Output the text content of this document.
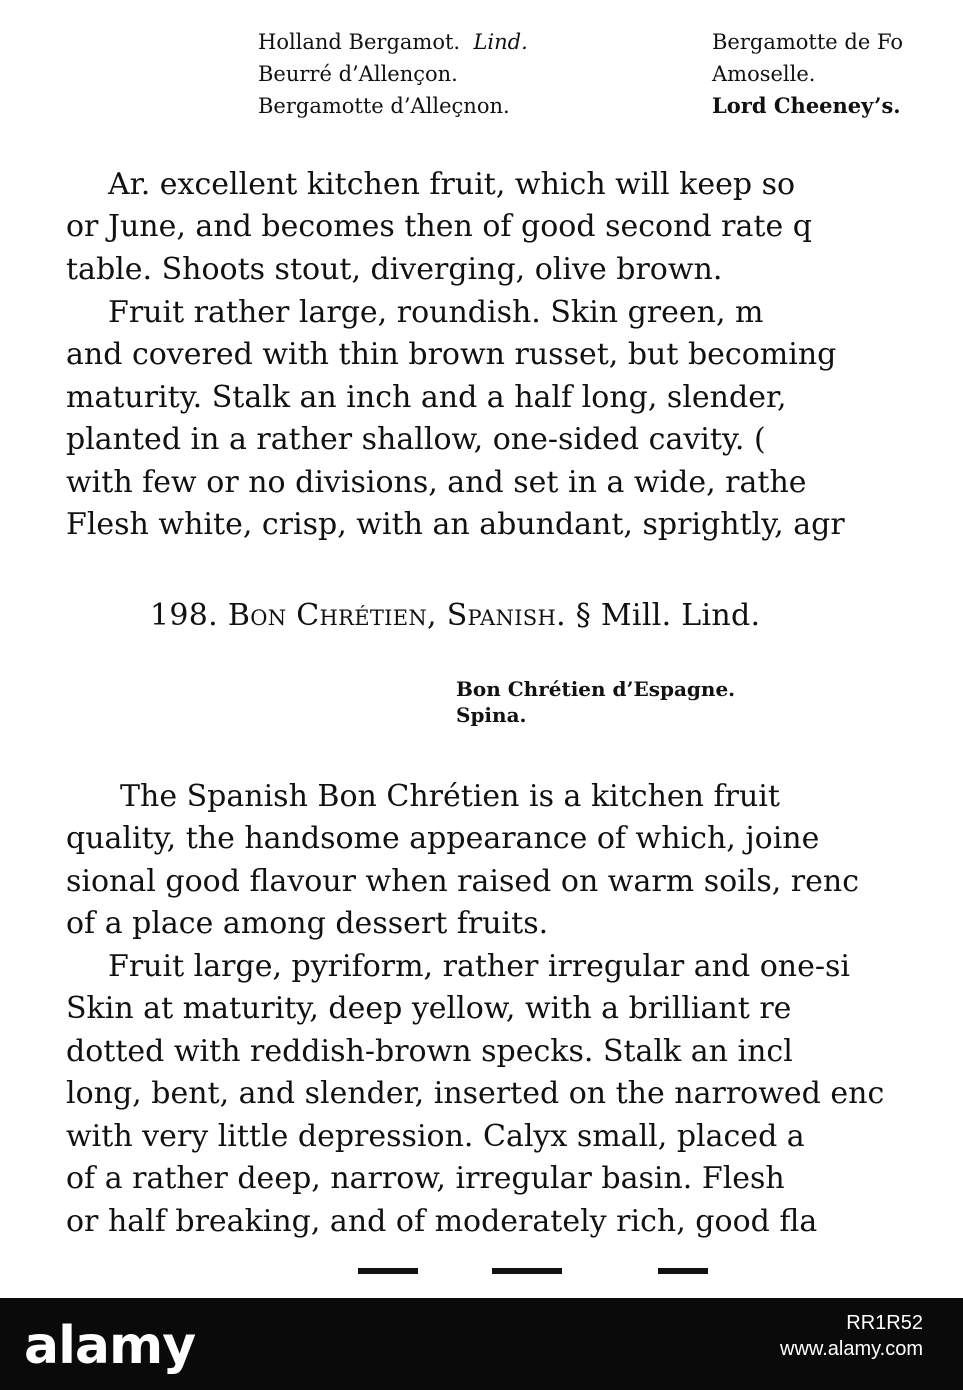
Holland Bergamot. Lind.
Beurré d’Allençon.
Bergamotte d’Alleçnon.
Bergamotte de Fo
Amoselle.
Lord Cheeney’s.
Ar. excellent kitchen fruit, which will keep so
or June, and becomes then of good second rate q
table. Shoots stout, diverging, olive brown.
Fruit rather large, roundish. Skin green, m
and covered with thin brown russet, but becoming
maturity. Stalk an inch and a half long, slender,
planted in a rather shallow, one-sided cavity. (
with few or no divisions, and set in a wide, rathe
Flesh white, crisp, with an abundant, sprightly, agr
198. Bon Chrétien, Spanish. § Mill. Lind.
Bon Chrétien d’Espagne.
Spina.
The Spanish Bon Chrétien is a kitchen fruit
quality, the handsome appearance of which, joine
sional good flavour when raised on warm soils, renc
of a place among dessert fruits.
Fruit large, pyriform, rather irregular and one-si
Skin at maturity, deep yellow, with a brilliant re
dotted with reddish-brown specks. Stalk an incl
long, bent, and slender, inserted on the narrowed enc
with very little depression. Calyx small, placed a
of a rather deep, narrow, irregular basin. Flesh
or half breaking, and of moderately rich, good fla
alamy	RR1R52
www.alamy.com
